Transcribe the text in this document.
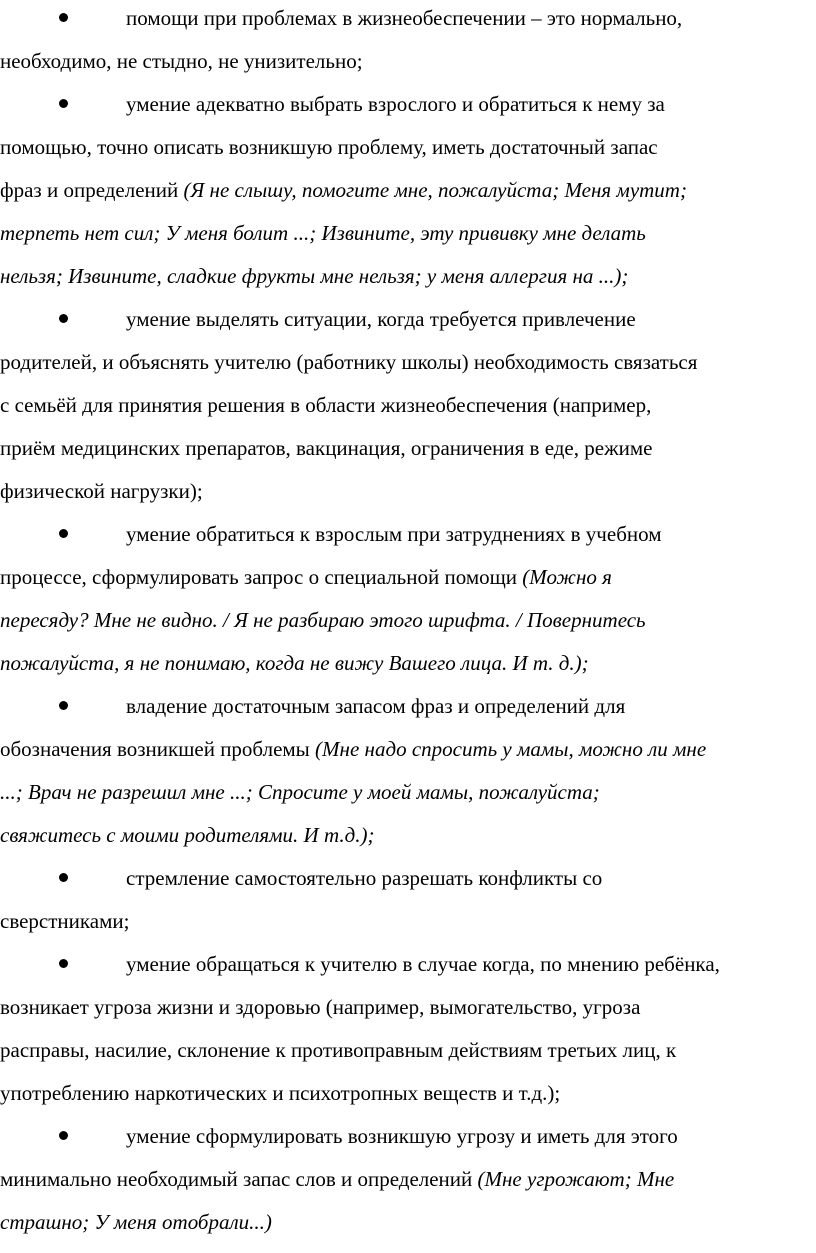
помощи при проблемах в жизнеобеспечении – это нормально,
необходимо, не стыдно, не унизительно;
умение адекватно выбрать взрослого и обратиться к нему за
помощью, точно описать возникшую проблему, иметь достаточный запас
фраз и определений (Я не слышу, помогите мне, пожалуйста; Меня мутит;
терпеть нет сил; У меня болит ...; Извините, эту прививку мне делать
нельзя; Извините, сладкие фрукты мне нельзя; у меня аллергия на ...);
умение выделять ситуации, когда требуется привлечение
родителей, и объяснять учителю (работнику школы) необходимость связаться
с семьёй для принятия решения в области жизнеобеспечения (например,
приём медицинских препаратов, вакцинация, ограничения в еде, режиме
физической нагрузки);
умение обратиться к взрослым при затруднениях в учебном
процессе, сформулировать запрос о специальной помощи (Можно я
пересяду? Мне не видно. / Я не разбираю этого шрифта. / Повернитесь
пожалуйста, я не понимаю, когда не вижу Вашего лица. И т. д.);
владение достаточным запасом фраз и определений для
обозначения возникшей проблемы (Мне надо спросить у мамы, можно ли мне
...; Врач не разрешил мне ...; Спросите у моей мамы, пожалуйста;
свяжитесь с моими родителями. И т.д.);
стремление самостоятельно разрешать конфликты со
сверстниками;
умение обращаться к учителю в случае когда, по мнению ребёнка,
возникает угроза жизни и здоровью (например, вымогательство, угроза
расправы, насилие, склонение к противоправным действиям третьих лиц, к
употреблению наркотических и психотропных веществ и т.д.);
умение сформулировать возникшую угрозу и иметь для этого
минимально необходимый запас слов и определений (Мне угрожают; Мне
страшно; У меня отобрали...)
